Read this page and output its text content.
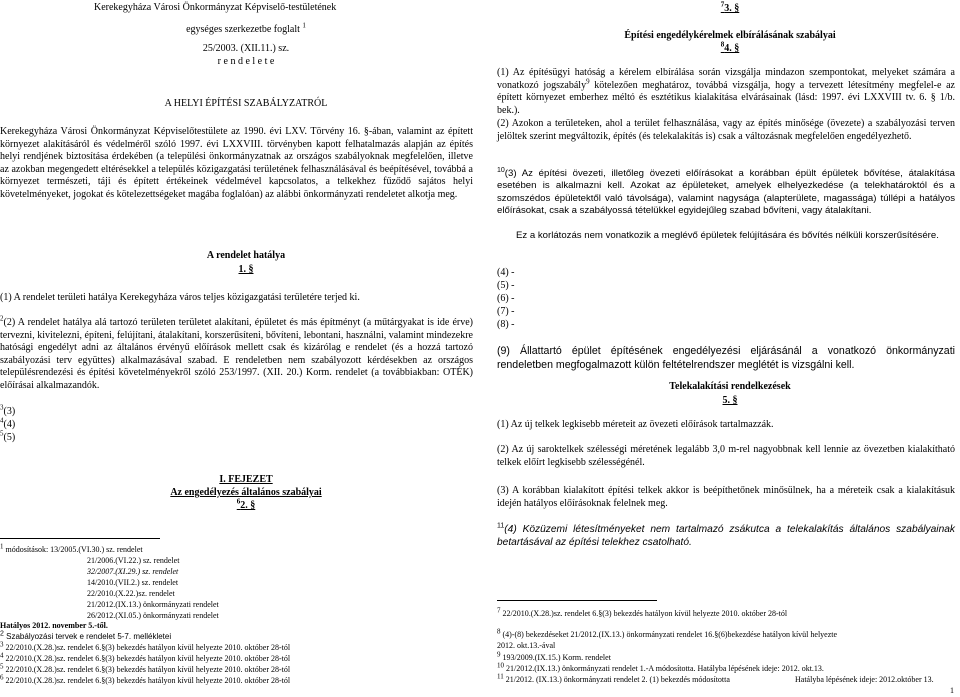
Kerekegyháza Városi Önkormányzat Képviselő-testületének
egységes szerkezetbe foglalt $^1$
25/2003. (XII.11.) sz.
r e n d e l e t e
A HELYI ÉPÍTÉSI SZABÁLYZATRÓL
Kerekegyháza Városi Önkormányzat Képviselőtestülete az 1990. évi LXV. Törvény 16. §-ában, valamint az épített környezet alakításáról és védelméről szóló 1997. évi LXXVIII. törvényben kapott felhatalmazás alapján az építés helyi rendjének biztosítása érdekében (a települési önkormányzatnak az országos szabályoknak megfelelően, illetve az azokban megengedett eltérésekkel a település közigazgatási területének felhasználásával és beépítésével, továbbá a környezet természeti, táji és épített értékeinek védelmével kapcsolatos, a telkekhez fűződő sajátos helyi követelményeket, jogokat és kötelezettségeket magába foglalóan) az alábbi önkormányzati rendeletet alkotja meg.
A rendelet hatálya
1. §
(1) A rendelet területi hatálya Kerekegyháza város teljes közigazgatási területére terjed ki.
$^2$(2) A rendelet hatálya alá tartozó területen területet alakítani, épületet és más építményt (a műtárgyakat is ide érve) tervezni, kivitelezni, építeni, felújítani, átalakítani, korszerűsíteni, bővíteni, lebontani, használni, valamint mindezekre hatósági engedélyt adni az általános érvényű előírások mellett csak és kizárólag e rendelet (és a hozzá tartozó szabályozási terv együttes) alkalmazásával szabad. E rendeletben nem szabályozott kérdésekben az országos településrendezési és építési követelményekről szóló 253/1997. (XII. 20.) Korm. rendelet (a továbbiakban: OTÉK) előírásai alkalmazandók.
$^3$(3)
$^4$(4)
$^5$(5)
I. FEJEZET
Az engedélyezés általános szabályai
$^6$2. §
$^1$ módosítások: 13/2005.(VI.30.) sz. rendelet
21/2006.(VI.22.) sz. rendelet
32/2007.(XI.29.) sz. rendelet
14/2010.(VII.2.) sz. rendelet
22/2010.(X.22.)sz. rendelet
21/2012.(IX.13.) önkormányzati rendelet
26/2012.(XI.05.) önkormányzati rendelet
Hatályos 2012. november 5.-től.
$^2$ Szabályozási tervek e rendelet 5-7. mellékletei
$^3$ 22/2010.(X.28.)sz. rendelet 6.§(3) bekezdés hatályon kívül helyezte 2010. október 28-tól
$^4$ 22/2010.(X.28.)sz. rendelet 6.§(3) bekezdés hatályon kívül helyezte 2010. október 28-tól
$^5$ 22/2010.(X.28.)sz. rendelet 6.§(3) bekezdés hatályon kívül helyezte 2010. október 28-tól
$^6$ 22/2010.(X.28.)sz. rendelet 6.§(3) bekezdés hatályon kívül helyezte 2010. október 28-tól
$^7$3. §
Építési engedélykérelmek elbírálásának szabályai
$^8$4. §
(1) Az építésügyi hatóság a kérelem elbírálása során vizsgálja mindazon szempontokat, melyeket számára a vonatkozó jogszabály$^9$ kötelezően meghatároz, továbbá vizsgálja, hogy a tervezett létesítmény megfelel-e az épített környezet emberhez méltó és esztétikus kialakítása elvárásainak (lásd: 1997. évi LXXVIII tv. 6. § 1/b. bek.).
(2) Azokon a területeken, ahol a terület felhasználása, vagy az építés minősége (övezete) a szabályozási terven jelöltek szerint megváltozik, építés (és telekalakítás is) csak a változásnak megfelelően engedélyezhető.
$^{10}$(3) Az építési övezeti, illetőleg övezeti előírásokat a korábban épült épületek bővítése, átalakítása esetében is alkalmazni kell. Azokat az épületeket, amelyek elhelyezkedése (a telekhatároktól és a szomszédos épületektől való távolsága), valamint nagysága (alapterülete, magassága) túllépi a hatályos előírásokat, csak a szabályossá tételükkel egyidejűleg szabad bővíteni, vagy átalakítani.
Ez a korlátozás nem vonatkozik a meglévő épületek felújítására és bővítés nélküli korszerűsítésére.
(4) -
(5) -
(6) -
(7) -
(8) -
(9) Állattartó épület építésének engedélyezési eljárásánál a vonatkozó önkormányzati rendeletben megfogalmazott külön feltételrendszer meglétét is vizsgálni kell.
Telekalakítási rendelkezések
5. §
(1) Az új telkek legkisebb méreteit az övezeti előírások tartalmazzák.
(2) Az új saroktelkek szélességi méretének legalább 3,0 m-rel nagyobbnak kell lennie az övezetben kialakítható telkek előírt legkisebb szélességénél.
(3) A korábban kialakított építési telkek akkor is beépíthetőnek minősülnek, ha a méreteik csak a kialakításuk idején hatályos előírásoknak felelnek meg.
$^{11}$(4) Közüzemi létesítményeket nem tartalmazó zsákutca a telekalakítás általános szabályainak betartásával az építési telekhez csatolható.
$^7$ 22/2010.(X.28.)sz. rendelet 6.§(3) bekezdés hatályon kívül helyezte 2010. október 28-tól
$^8$ (4)-(8) bekezdéseket 21/2012.(IX.13.) önkormányzati rendelet 16.§(6)bekezdése hatályon kívül helyezte
2012. okt.13.-ával
$^9$ 193/2009.(IX.15.) Korm. rendelet
$^{10}$ 21/2012.(IX.13.) önkormányzati rendelet 1.-A módosította. Hatályba lépésének ideje: 2012. okt.13.
$^{11}$ 21/2012. (IX.13.) önkormányzati rendelet 2. (1) bekezdés módosította	Hatályba lépésének ideje: 2012.október 13.
1
